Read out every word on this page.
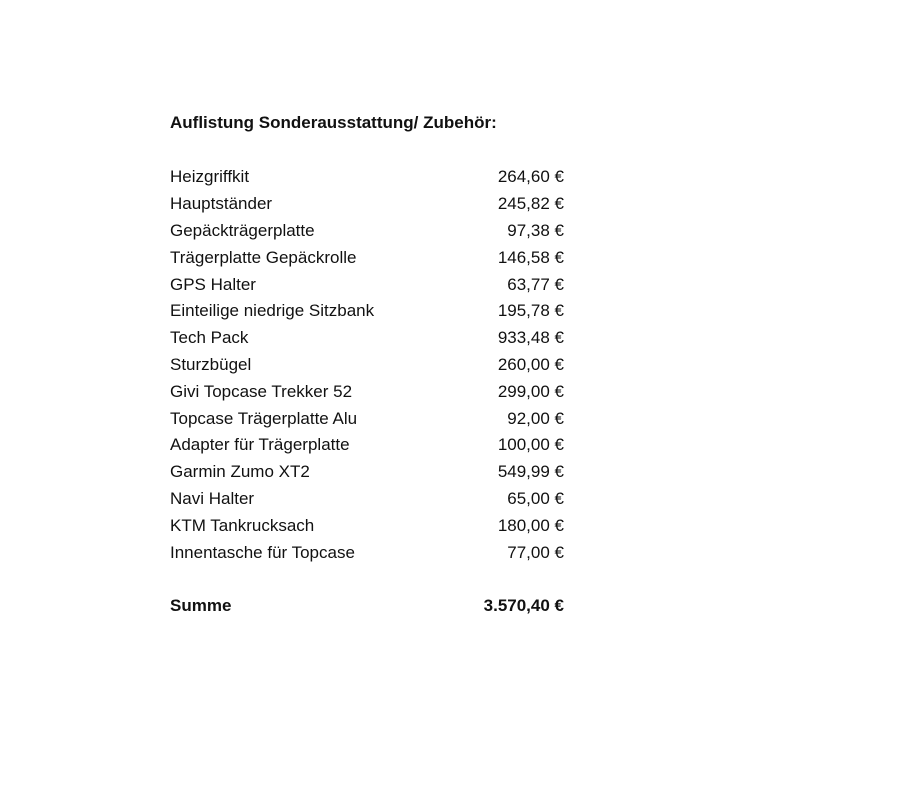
Auflistung Sonderausstattung/ Zubehör:
Heizgriffkit	264,60 €
Hauptständer	245,82 €
Gepäckträgerplatte	97,38 €
Trägerplatte Gepäckrolle	146,58 €
GPS Halter	63,77 €
Einteilige niedrige Sitzbank	195,78 €
Tech Pack	933,48 €
Sturzbügel	260,00 €
Givi Topcase Trekker 52	299,00 €
Topcase Trägerplatte Alu	92,00 €
Adapter für Trägerplatte	100,00 €
Garmin Zumo XT2	549,99 €
Navi Halter	65,00 €
KTM Tankrucksach	180,00 €
Innentasche für Topcase	77,00 €
Summe	3.570,40 €
